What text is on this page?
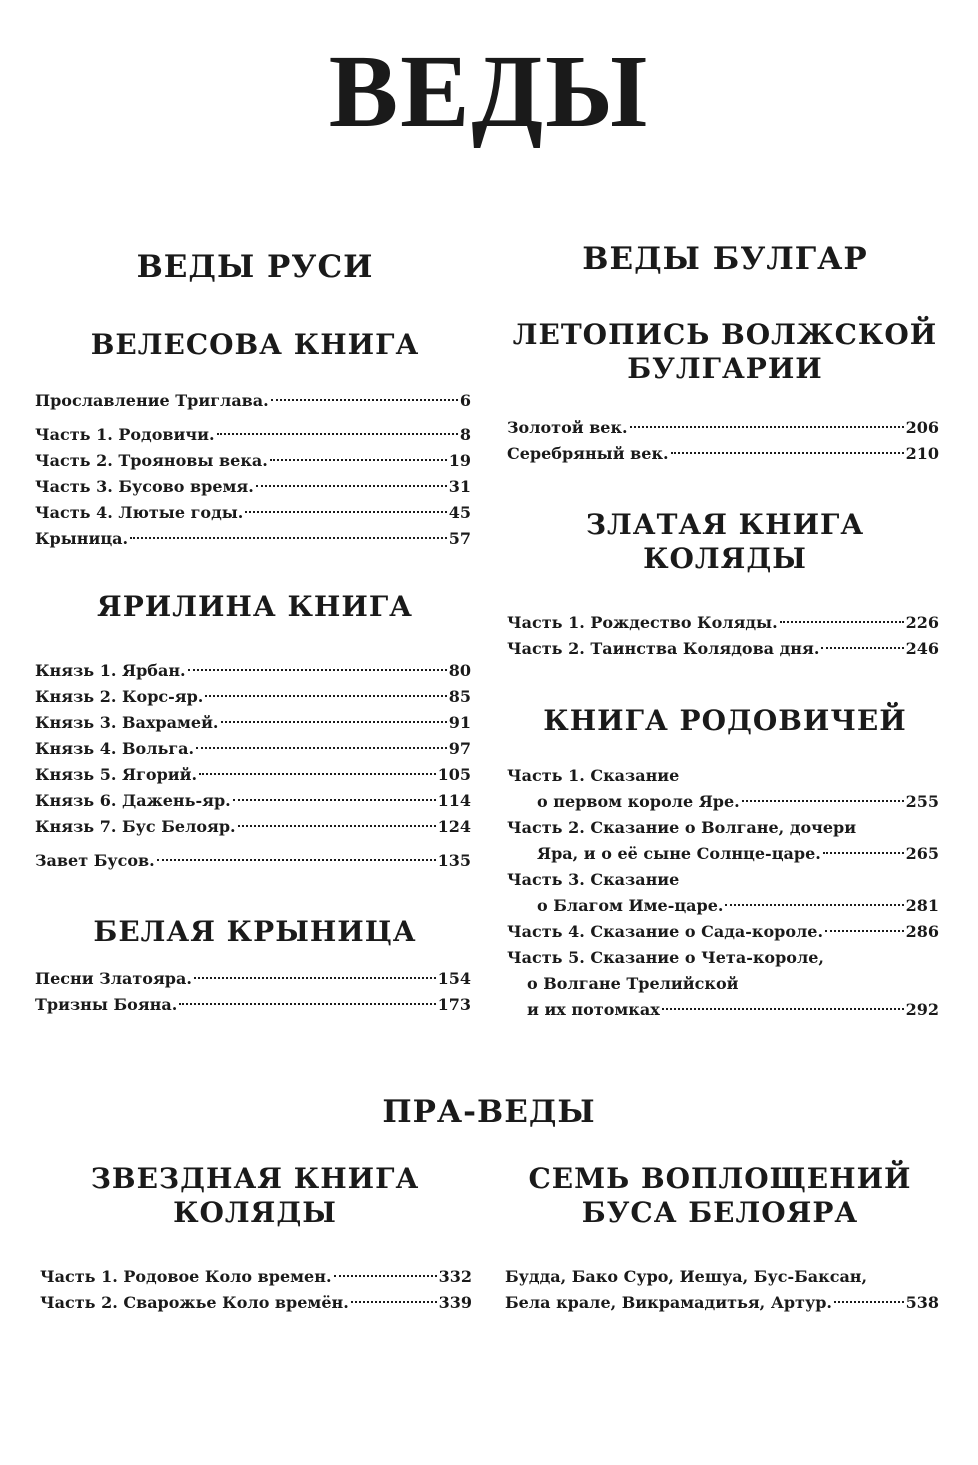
ВЕДЫ
ВЕДЫ РУСИ
ВЕЛЕСОВА КНИГА
Прославление Триглава.	6
Часть 1. Родовичи.	8
Часть 2. Трояновы века.	19
Часть 3. Бусово время.	31
Часть 4. Лютые годы.	45
Крыница.	57
ЯРИЛИНА КНИГА
Князь 1. Ярбан.	80
Князь 2. Корс-яр.	85
Князь 3. Вахрамей.	91
Князь 4. Вольга.	97
Князь 5. Ягорий.	105
Князь 6. Дажень-яр.	114
Князь 7. Бус Белояр.	124
Завет Бусов.	135
БЕЛАЯ КРЫНИЦА
Песни Златояра.	154
Тризны Бояна.	173
ВЕДЫ БУЛГАР
ЛЕТОПИСЬ ВОЛЖСКОЙ
БУЛГАРИИ
Золотой век.	206
Серебряный век.	210
ЗЛАТАЯ КНИГА
КОЛЯДЫ
Часть 1. Рождество Коляды.	226
Часть 2. Таинства Колядова дня.	246
КНИГА РОДОВИЧЕЙ
Часть 1. Сказание
о первом короле Яре.	255
Часть 2. Сказание о Волгане, дочери
Яра, и о её сыне Солнце-царе.	265
Часть 3. Сказание
о Благом Име-царе.	281
Часть 4. Сказание о Сада-короле.	286
Часть 5. Сказание о Чета-короле,
о Волгане Трелийской
и их потомках	292
ПРА-ВЕДЫ
ЗВЕЗДНАЯ КНИГА
КОЛЯДЫ
Часть 1. Родовое Коло времен.	332
Часть 2. Сварожье Коло времён.	339
СЕМЬ ВОПЛОЩЕНИЙ
БУСА БЕЛОЯРА
Будда, Бако Суро, Иешуа, Бус-Баксан,
Бела крале, Викрамадитья, Артур.	538
